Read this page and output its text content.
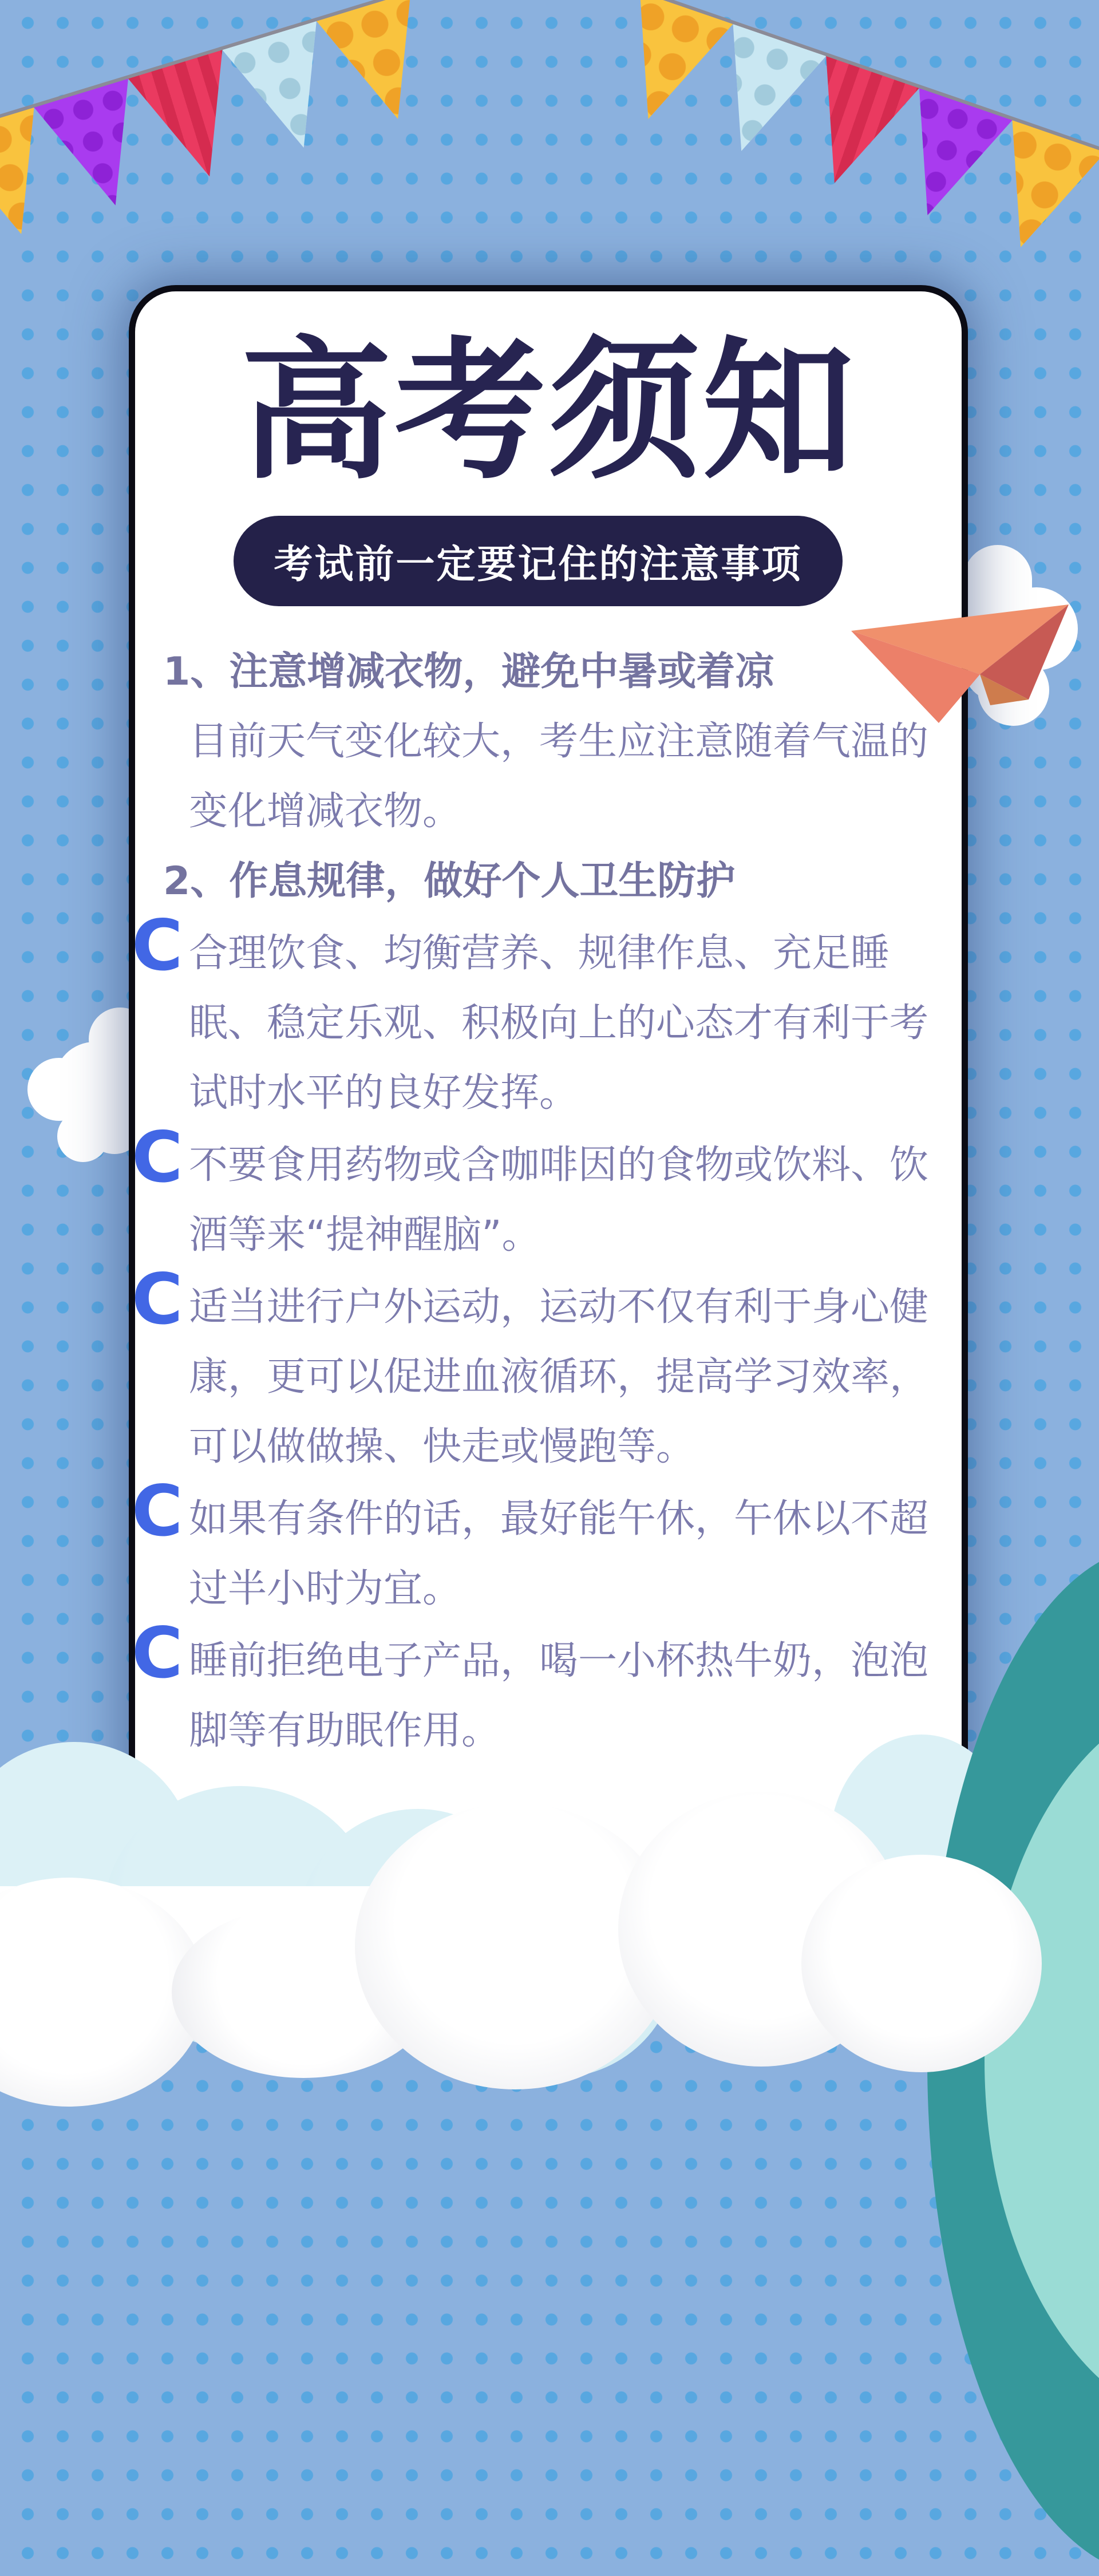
高考须知
考试前一定要记住的注意事项
1、注意增减衣物，避免中暑或着凉

目前天气变化较大，考生应注意随着气温的变化增减衣物。

2、作息规律，做好个人卫生防护
C 合理饮食、均衡营养、规律作息、充足睡眠、稳定乐观、积极向上的心态才有利于考试时水平的良好发挥。
C 不要食用药物或含咖啡因的食物或饮料、饮酒等来“提神醒脑”。
C 适当进行户外运动，运动不仅有利于身心健康，更可以促进血液循环，提高学习效率，可以做做操、快走或慢跑等。
C 如果有条件的话，最好能午休，午休以不超过半小时为宜。
C 睡前拒绝电子产品，喝一小杯热牛奶，泡泡脚等有助眠作用。
